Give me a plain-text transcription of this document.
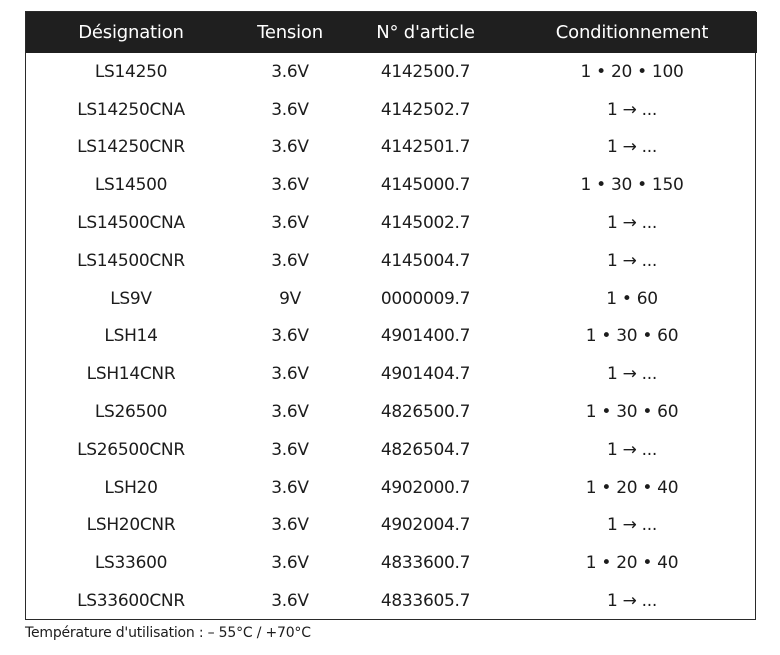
Désignation	Tension	N° d'article	Conditionnement
LS14250	3.6V	4142500.7	1 • 20 • 100
LS14250CNA	3.6V	4142502.7	1 → ...
LS14250CNR	3.6V	4142501.7	1 → ...
LS14500	3.6V	4145000.7	1 • 30 • 150
LS14500CNA	3.6V	4145002.7	1 → ...
LS14500CNR	3.6V	4145004.7	1 → ...
LS9V	9V	0000009.7	1 • 60
LSH14	3.6V	4901400.7	1 • 30 • 60
LSH14CNR	3.6V	4901404.7	1 → ...
LS26500	3.6V	4826500.7	1 • 30 • 60
LS26500CNR	3.6V	4826504.7	1 → ...
LSH20	3.6V	4902000.7	1 • 20 • 40
LSH20CNR	3.6V	4902004.7	1 → ...
LS33600	3.6V	4833600.7	1 • 20 • 40
LS33600CNR	3.6V	4833605.7	1 → ...
Température d'utilisation : – 55°C / +70°C
